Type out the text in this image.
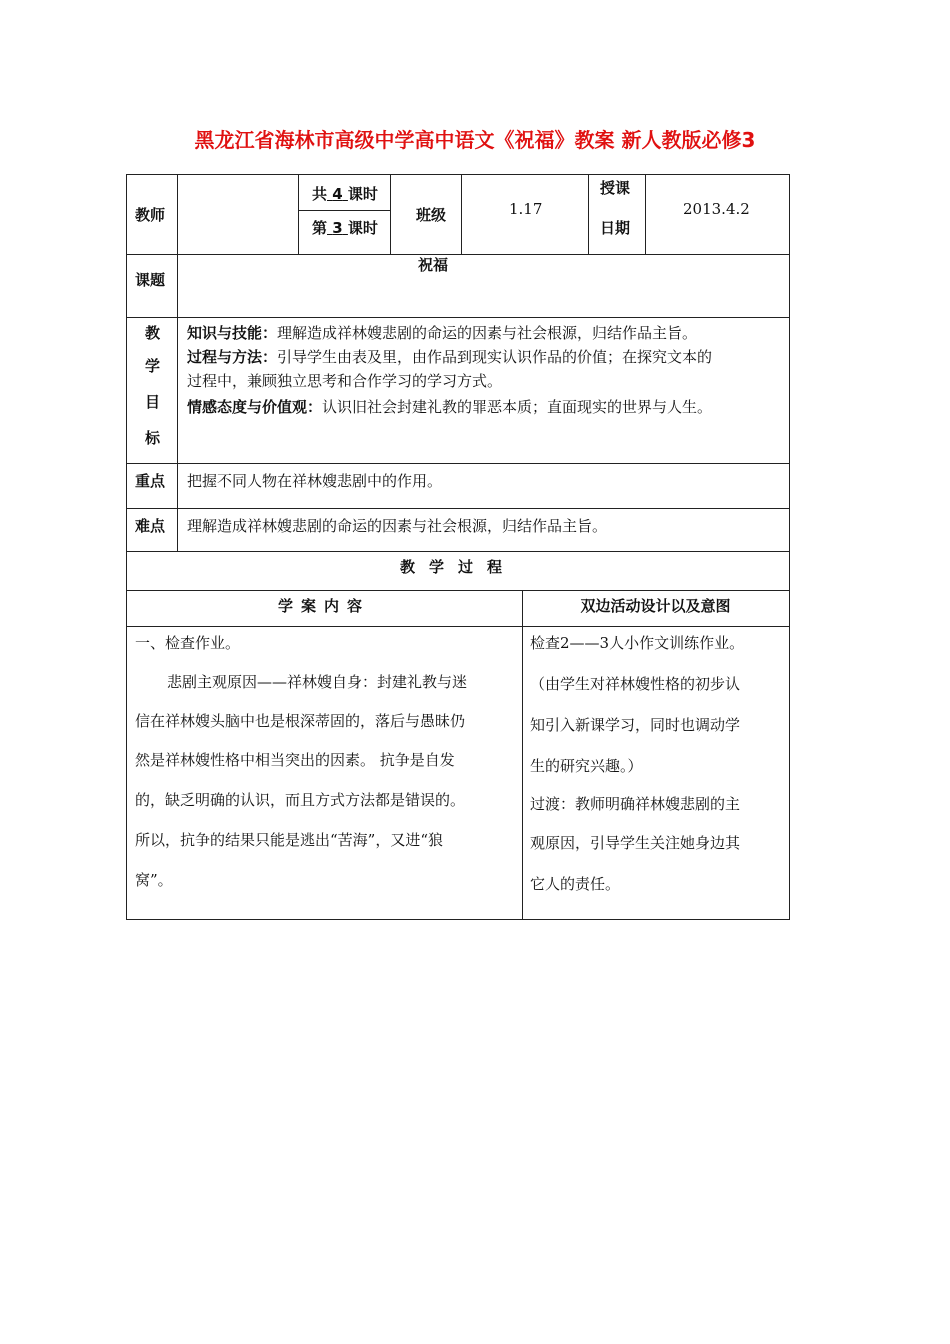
黑龙江省海林市高级中学高中语文《祝福》教案 新人教版必修3
教师
共 4 课时
第 3 课时
班级	1.17
授课
日期
2013.4.2
课题
祝福
教
学
目
标
知识与技能：理解造成祥林嫂悲剧的命运的因素与社会根源，归结作品主旨。
过程与方法：引导学生由表及里，由作品到现实认识作品的价值；在探究文本的
过程中，兼顾独立思考和合作学习的学习方式。
情感态度与价值观：认识旧社会封建礼教的罪恶本质；直面现实的世界与人生。
重点 把握不同人物在祥林嫂悲剧中的作用。
难点 理解造成祥林嫂悲剧的命运的因素与社会根源，归结作品主旨。
教学过程
学案内容	双边活动设计以及意图
一、检查作业。
悲剧主观原因——祥林嫂自身：封建礼教与迷
信在祥林嫂头脑中也是根深蒂固的，落后与愚昧仍
然是祥林嫂性格中相当突出的因素。 抗争是自发
的，缺乏明确的认识，而且方式方法都是错误的。
所以，抗争的结果只能是逃出“苦海”，又进“狼
窝”。
检查2——3人小作文训练作业。
（由学生对祥林嫂性格的初步认
知引入新课学习，同时也调动学
生的研究兴趣。）
过渡：教师明确祥林嫂悲剧的主
观原因，引导学生关注她身边其
它人的责任。
